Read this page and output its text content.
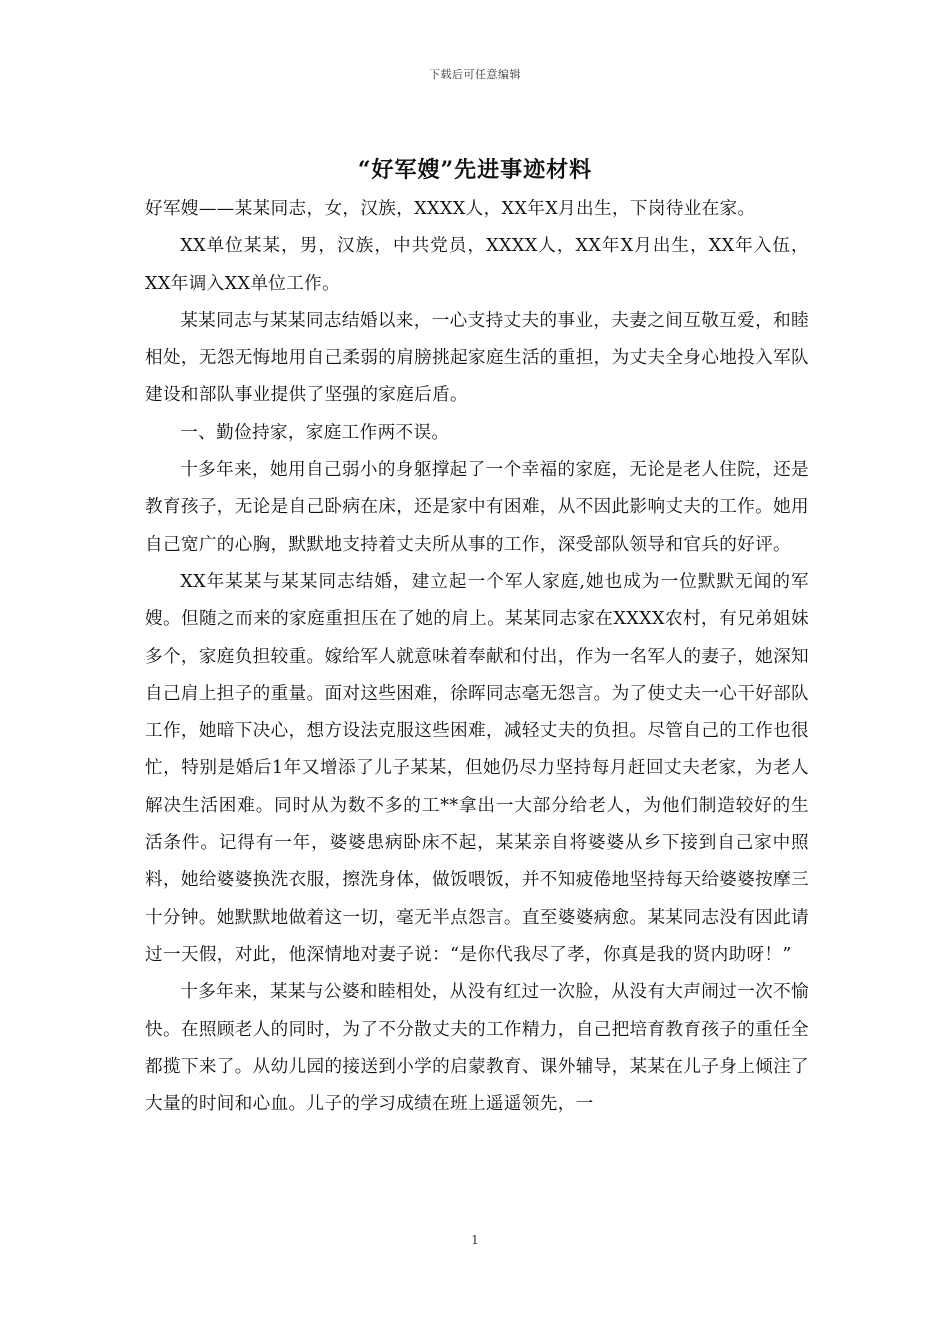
下载后可任意编辑
“好军嫂”先进事迹材料

好军嫂——某某同志，女，汉族，XXXX人，XX年X月出生，下岗待业在家。

XX单位某某，男，汉族，中共党员，XXXX人，XX年X月出生，XX年入伍，XX年调入XX单位工作。

某某同志与某某同志结婚以来，一心支持丈夫的事业，夫妻之间互敬互爱，和睦相处，无怨无悔地用自己柔弱的肩膀挑起家庭生活的重担，为丈夫全身心地投入军队建设和部队事业提供了坚强的家庭后盾。

一、勤俭持家，家庭工作两不误。

十多年来，她用自己弱小的身躯撑起了一个幸福的家庭，无论是老人住院，还是教育孩子，无论是自己卧病在床，还是家中有困难，从不因此影响丈夫的工作。她用自己宽广的心胸，默默地支持着丈夫所从事的工作，深受部队领导和官兵的好评。

XX年某某与某某同志结婚，建立起一个军人家庭,她也成为一位默默无闻的军嫂。但随之而来的家庭重担压在了她的肩上。某某同志家在XXXX农村，有兄弟姐妹多个，家庭负担较重。嫁给军人就意味着奉献和付出，作为一名军人的妻子，她深知自己肩上担子的重量。面对这些困难，徐晖同志毫无怨言。为了使丈夫一心干好部队工作，她暗下决心，想方设法克服这些困难，减轻丈夫的负担。尽管自己的工作也很忙，特别是婚后1年又增添了儿子某某，但她仍尽力坚持每月赶回丈夫老家，为老人解决生活困难。同时从为数不多的工**拿出一大部分给老人，为他们制造较好的生活条件。记得有一年，婆婆患病卧床不起，某某亲自将婆婆从乡下接到自己家中照料，她给婆婆换洗衣服，擦洗身体，做饭喂饭，并不知疲倦地坚持每天给婆婆按摩三十分钟。她默默地做着这一切，毫无半点怨言。直至婆婆病愈。某某同志没有因此请过一天假，对此，他深情地对妻子说：“是你代我尽了孝，你真是我的贤内助呀！”

十多年来，某某与公婆和睦相处，从没有红过一次脸，从没有大声闹过一次不愉快。在照顾老人的同时，为了不分散丈夫的工作精力，自己把培育教育孩子的重任全都揽下来了。从幼儿园的接送到小学的启蒙教育、课外辅导，某某在儿子身上倾注了大量的时间和心血。儿子的学习成绩在班上遥遥领先，一

1
